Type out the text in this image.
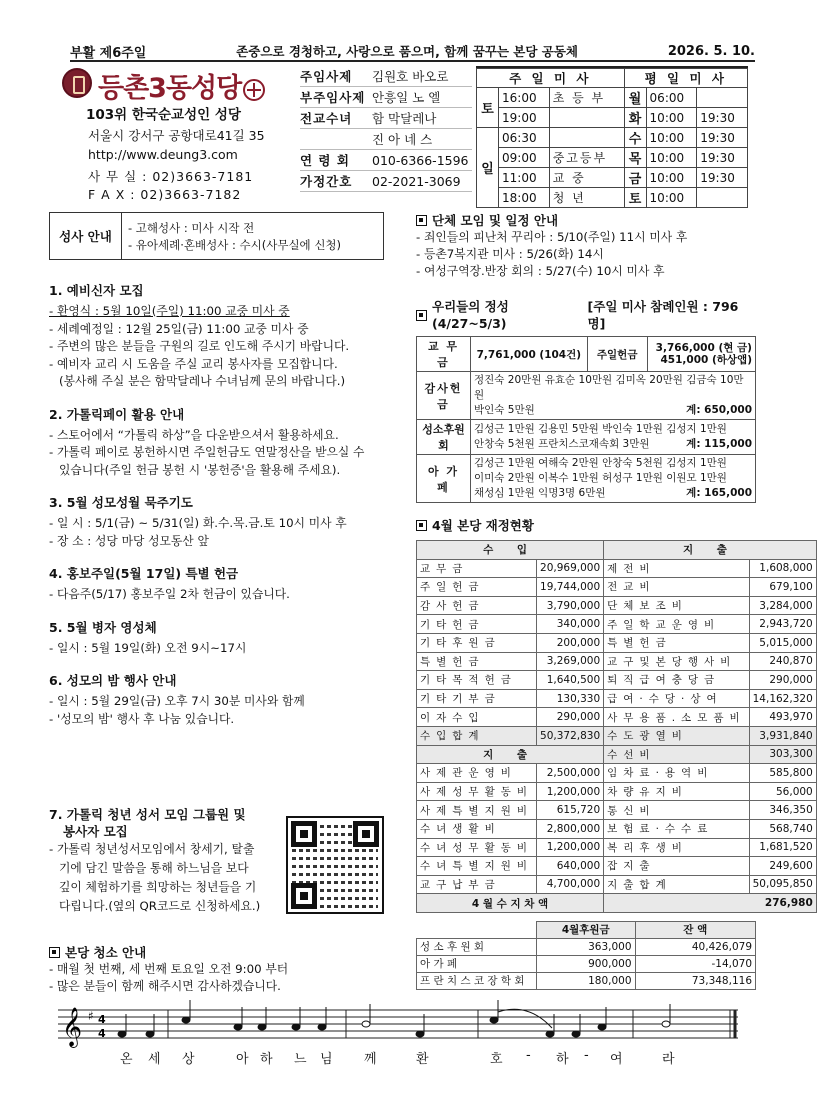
부활 제6주일	존중으로 경청하고, 사랑으로 품으며, 함께 꿈꾸는 본당 공동체	2026. 5. 10.
등촌3동성당
103위 한국순교성인 성당
서울시 강서구 공항대로41길 35
http://www.deung3.com
사 무 실 : 02)3663-7181
F A X : 02)3663-7182
주임사제	김원호 바오로
부주임사제 안흥일 노 엘
전교수녀	함 막달레나
진 아 네 스
연 령 회	010-6366-1596
가정간호	02-2021-3069
주 일 미 사			평 일 미 사		
토	16:00	초 등 부	월	06:00	
	19:00		화	10:00	19:30
일	06:30		수	10:00	19:30
	09:00	중고등부	목	10:00	19:30
	11:00	교 중	금	10:00	19:30
	18:00	청 년	토	10:00	
성사 안내
- 고해성사 : 미사 시작 전
- 유아세례·혼배성사 : 수시(사무실에 신청)
1. 예비신자 모집

- 환영식 : 5월 10일(주일) 11:00 교중 미사 중

- 세례예정일 : 12월 25일(금) 11:00 교중 미사 중

- 주변의 많은 분들을 구원의 길로 인도해 주시기 바랍니다.

- 예비자 교리 시 도움을 주실 교리 봉사자를 모집합니다.

(봉사해 주실 분은 함막달레나 수녀님께 문의 바랍니다.)

2. 가톨릭페이 활용 안내

- 스토어에서 “가톨릭 하상”을 다운받으셔서 활용하세요.

- 가톨릭 페이로 봉헌하시면 주일헌금도 연말정산을 받으실 수

있습니다(주일 헌금 봉헌 시 '봉헌증'을 활용해 주세요).

3. 5월 성모성월 묵주기도

- 일 시 : 5/1(금) ~ 5/31(일) 화.수.목.금.토 10시 미사 후

- 장 소 : 성당 마당 성모동산 앞

4. 홍보주일(5월 17일) 특별 헌금

- 다음주(5/17) 홍보주일 2차 헌금이 있습니다.

5. 5월 병자 영성체

- 일시 : 5월 19일(화) 오전 9시~17시

6. 성모의 밤 행사 안내

- 일시 : 5월 29일(금) 오후 7시 30분 미사와 함께

- '성모의 밤' 행사 후 나눔 있습니다.

7. 가톨릭 청년 성서 모임 그룹원 및
봉사자 모집
- 가톨릭 청년성서모임에서 창세기, 탈출
기에 담긴 말씀을 통해 하느님을 보다
깊이 체험하기를 희망하는 청년들을 기
다립니다.(옆의 QR코드로 신청하세요.)
본당 청소 안내
- 매월 첫 번째, 세 번째 토요일 오전 9:00 부터
- 많은 분들이 함께 해주시면 감사하겠습니다.
단체 모임 및 일정 안내
- 죄인들의 피난처 꾸리아 : 5/10(주일) 11시 미사 후
- 등촌7복지관 미사 : 5/26(화) 14시
- 여성구역장.반장 회의 : 5/27(수) 10시 미사 후
우리들의 정성 (4/27~5/3)
[주일 미사 참례인원 : 796명]
교 무 금	7,761,000 (104건)	주일헌금	3,766,000 (현 금)
451,000 (하상앱)

감사헌금	정진숙 20만원 유효순 10만원 김미옥 20만원 김금숙 10만원
박인숙 5만원 계: 650,000		

성소후원회	김성근 1만원 김용민 5만원 박인숙 1만원 김성지 1만원
안창숙 5천원 프란치스코재속회 3만원 계: 115,000		

아 가 페	김성근 1만원 여해숙 2만원 안창숙 5천원 김성지 1만원
이미숙 2만원 이복수 1만원 허성구 1만원 이원모 1만원
채성심 1만원 익명3명 6만원 계: 165,000		
4월 본당 재정현황
수 입		지 출	
교무금	20,969,000	제전비	1,608,000
주일헌금	19,744,000	전교비	679,100
감사헌금	3,790,000	단체보조비	3,284,000
기타헌금	340,000	주일학교운영비	2,943,720
기타후원금	200,000	특별헌금	5,015,000
특별헌금	3,269,000	교구및본당행사비	240,870
기타목적헌금	1,640,500	퇴직급여충당금	290,000
기타기부금	130,330	급여·수당·상여	14,162,320
이자수입	290,000	사무용품.소모품비	493,970
수입합계	50,372,830	수도광열비	3,931,840
지 출		수선비	303,300
사제관운영비	2,500,000	임차료·용역비	585,800
사제성무활동비	1,200,000	차량유지비	56,000
사제특별지원비	615,720	통신비	346,350
수녀생활비	2,800,000	보험료·수수료	568,740
수녀성무활동비	1,200,000	복리후생비	1,681,520
수녀특별지원비	640,000	잡지출	249,600
교구납부금	4,700,000	지출합계	50,095,850
4 월 수 지 차 액		276,980	
	4월후원금	잔 액
성 소 후 원 회	363,000	40,426,079
아 가 페	900,000	-14,070
프 란 치 스 코 장 학 회	180,000	73,348,116
𝄞 ♯ 4
4
온 세 상	아 하 느 님 께	환	호 - 하 - 여	라
